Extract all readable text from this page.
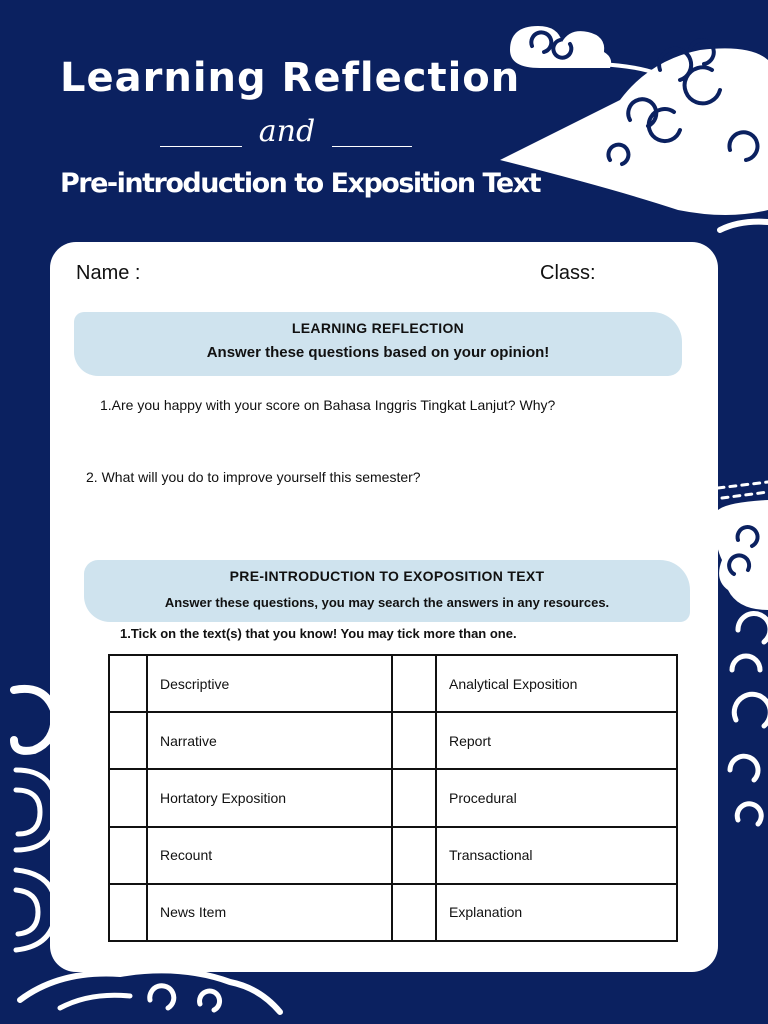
Learning Reflection
and
Pre-introduction to Exposition Text
Name :	Class:
LEARNING REFLECTION
Answer these questions based on your opinion!
1.Are you happy with your score on Bahasa Inggris Tingkat Lanjut? Why?
2. What will you do to improve yourself this semester?
PRE-INTRODUCTION TO EXOPOSITION TEXT
Answer these questions, you may search the answers in any resources.
1.Tick on the text(s) that you know! You may tick more than one.
	Descriptive		Analytical Exposition
	Narrative		Report
	Hortatory Exposition		Procedural
	Recount		Transactional
	News Item		Explanation
